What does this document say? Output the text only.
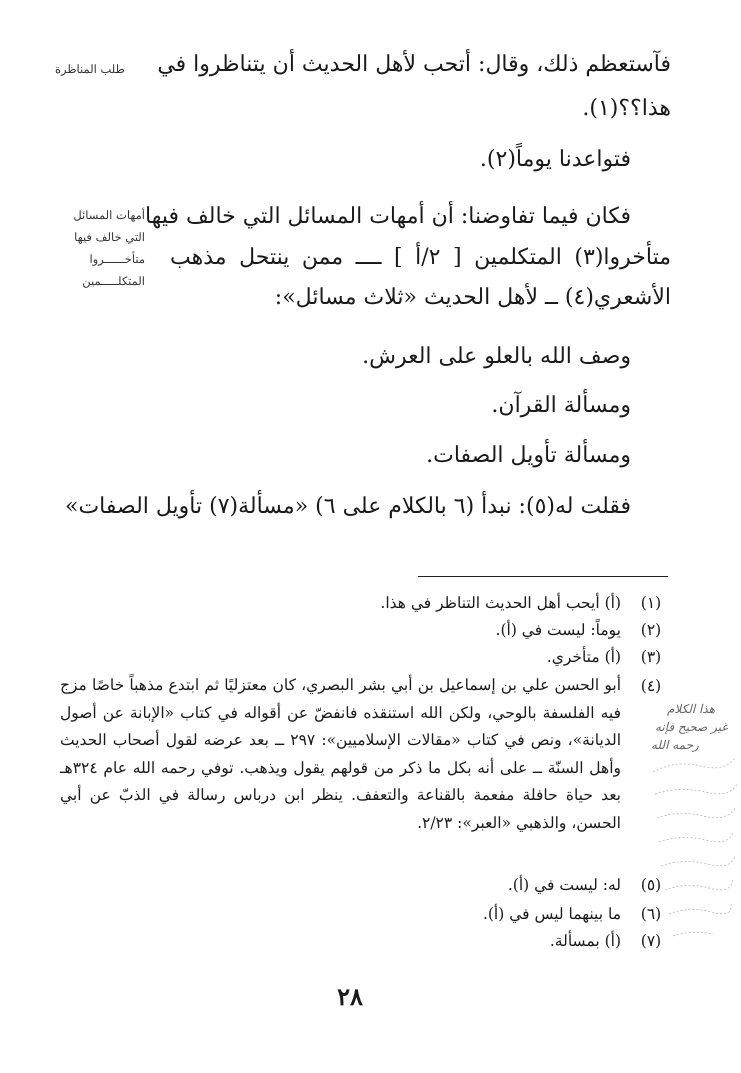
طلب المناظرة فآستعظم ذلك، وقال: أتحب لأهل الحديث أن يتناظروا في
هذا؟؟(١).
فتواعدنا يوماً(٢).
أمهات المسائل
التي خالف فيها
متأخــــــروا
المتكلـــــمين
فكان فيما تفاوضنا: أن أمهات المسائل التي خالف فيها
متأخروا(٣) المتكلمين [ ٢/أ ] ــــ ممن ينتحل مذهب
الأشعري(٤) ــ لأهل الحديث «ثلاث مسائل»:
وصف الله بالعلو على العرش.
ومسألة القرآن.
ومسألة تأويل الصفات.
فقلت له(٥): نبدأ (٦ بالكلام على ٦) «مسألة(٧) تأويل الصفات»
(١)
(أ) أيحب أهل الحديث التناظر في هذا.
(٢)
يوماً: ليست في (أ).
(٣)
(أ) متأخري.
(٤)
أبو الحسن علي بن إسماعيل بن أبي بشر البصري، كان معتزليًا ثم ابتدع مذهباً خاصًا مزج فيه الفلسفة بالوحي، ولكن الله استنقذه فانفضّ عن أقواله في كتاب «الإبانة عن أصول الديانة»، ونص في كتاب «مقالات الإسلاميين»: ٢٩٧ ــ بعد عرضه لقول أصحاب الحديث وأهل السنّة ــ على أنه بكل ما ذكر من قولهم يقول ويذهب. توفي رحمه الله عام ٣٢٤هـ بعد حياة حافلة مفعمة بالقناعة والتعفف. ينظر ابن درباس رسالة في الذبّ عن أبي الحسن، والذهبي «العبر»: ٢/٢٣.
(٥)
له: ليست في (أ).
(٦)
ما بينهما ليس في (أ).
(٧)
(أ) بمسألة.
هذا الكلام
غير صحيح فإنه
رحمه الله
٢٨
